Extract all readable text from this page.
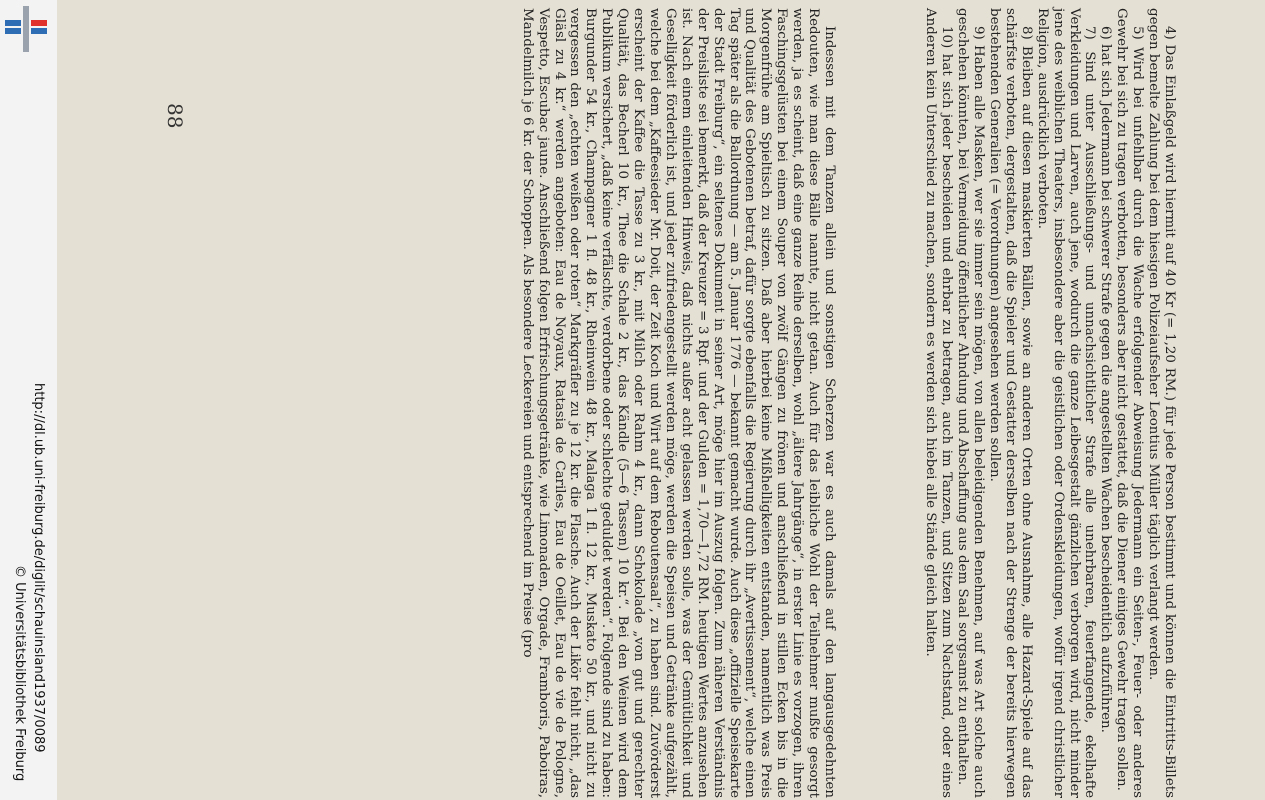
http://dl.ub.uni-freiburg.de/diglit/schauinsland1937/0089
© Universitätsbibliothek Freiburg	4) Das Einlaßgeld wird hiermit auf 40 Kr (= 1,20 RM.) für jede Person bestimmt und können die Eintritts-Billets gegen bemelte Zahlung bei dem hiesigen Polizeiaufseher Leontius Müller täglich verlangt werden.

5) Wird bei unfehlbar durch die Wache erfolgender Abweisung Jedermann ein Seiten-, Feuer- oder anderes Gewehr bei sich zu tragen verbotten, besonders aber nicht gestattet, daß die Diener einiges Gewehr tragen sollen.

6) hat sich Jedermann bei schwerer Strafe gegen die angestellten Wachen bescheidentlich aufzuführen.

7) Sind unter Ausschließungs- und unnachsichtlicher Strafe alle unehrbaren, feuerfangende, ekelhafte Verkleidungen und Larven, auch jene, wodurch die ganze Leibesgestalt gänzlichen verborgen wird, nicht minder jene des weiblichen Theaters, insbesondere aber die geistlichen oder Ordenskleidungen, wofür irgend christlicher Religion, ausdrücklich verboten.

8) Bleiben auf diesen maskierten Bällen, sowie an anderen Orten ohne Ausnahme, alle Hazard-Spiele auf das schärfste verboten, dergestalten, daß die Spieler und Gestatter derselben nach der Strenge der bereits hierwegen bestehenden Generalien (= Verordnungen) angesehen werden sollen.

9) Haben alle Masken, wer sie immer sein mögen, von allen beleidigenden Benehmen, auf was Art solche auch geschehen könnten, bei Vermeidung öffentlicher Ahndung und Abschaffung aus dem Saal sorgsamst zu enthalten.

10) hat sich jeder bescheiden und ehrbar zu betragen, auch im Tanzen, und Sitzen zum Nachstand, oder eines Anderen kein Unterschied zu machen, sondern es werden sich hiebei alle Stände gleich halten.

Indessen mit dem Tanzen allein und sonstigen Scherzen war es auch damals auf den langausgedehnten Redouten, wie man diese Bälle nannte, nicht getan. Auch für das leibliche Wohl der Teilnehmer mußte gesorgt werden, ja es scheint, daß eine ganze Reihe derselben, wohl „ältere Jahrgänge“, in erster Linie es vorzogen, ihren Faschingsgelüsten bei einem Souper von zwölf Gängen zu frönen und anschließend in stillen Ecken bis in die Morgenfrühe am Spieltisch zu sitzen. Daß aber hierbei keine Mißhelligkeiten entstanden, namentlich was Preis und Qualität des Gebotenen betraf, dafür sorgte ebenfalls die Regierung durch ihr „Avertissement“, welche einen Tag später als die Ballordnung — am 5. Januar 1776 — bekannt gemacht wurde. Auch diese „offizielle Speisekarte der Stadt Freiburg“, ein seltenes Dokument in seiner Art, möge hier im Auszug folgen. Zum näheren Verständnis der Preisliste sei bemerkt, daß der Kreuzer = 3 Rpf. und der Gulden = 1,70—1,72 RM. heutigen Wertes anzusehen ist. Nach einem einleitenden Hinweis, daß nichts außer acht gelassen werden solle, was der Gemütlichkeit und Geselligkeit förderlich ist, und jeder zufriedengestellt werden möge, werden die Speisen und Getränke aufgezählt, welche bei dem „Kaffeesieder Mr. Doit, der Zeit Koch und Wirt auf dem Reboutensaal“, zu haben sind. Zuvörderst erscheint der Kaffee die Tasse zu 3 kr., mit Milch oder Rahm 4 kr., dann Schokolade „von gut und gerechter Qualität, das Becherl 10 kr., Thee die Schale 2 kr., das Kändle (5—6 Tassen) 10 kr.“. Bei den Weinen wird dem Publikum versichert, „daß keine verfälschte, verdorbene oder schlechte geduldet werden“. Folgende sind zu haben: Burgunder 54 kr., Champagner 1 fl. 48 kr., Rheinwein 48 kr., Malaga 1 fl. 12 kr., Muskato 50 kr., und nicht zu vergessen den „echten weißen oder roten“ Markgräfler zu je 12 kr. die Flasche. Auch der Likör fehlt nicht, „das Gläsl zu 4 kr.“ werden angeboten: Eau de Noyaux, Ratasia de Cariles, Eau de Oeillet, Eau de vie de Pologne, Vespetto, Escubac jaune. Anschließend folgen Erfrischungsgetränke, wie Limonaden, Orgade, Framboris, Paboiras, Mandelmilch je 6 kr. der Schoppen. Als besondere Leckereien und entsprechend im Preise (pro

88
